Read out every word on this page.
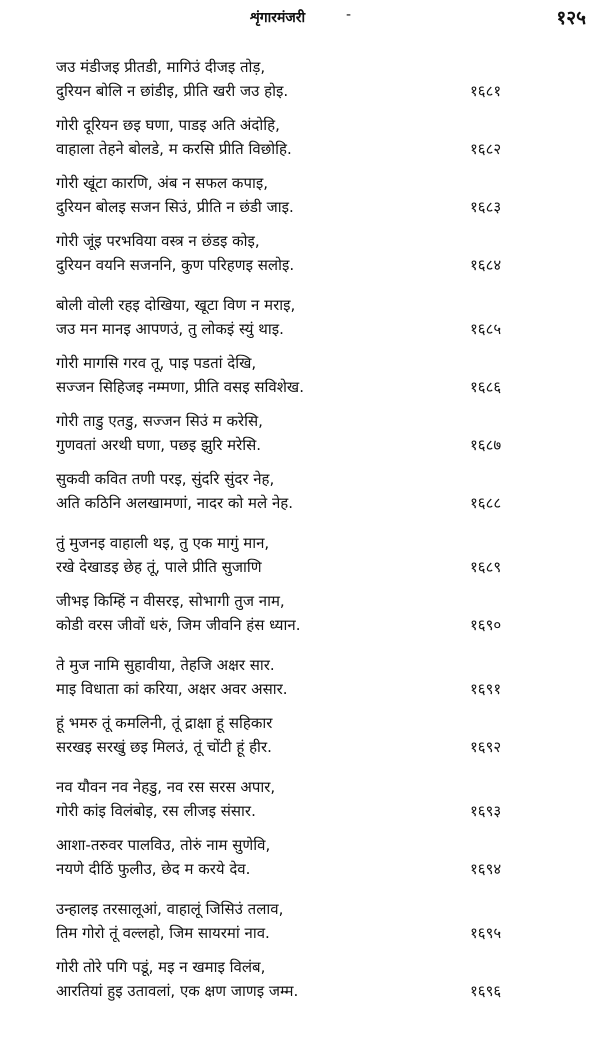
शृंगारमंजरी	-	१२५
जउ मंडीजइ प्रीतडी, मागिउं दीजइ तोड़,
दुरियन बोलि न छांडीइ, प्रीति खरी जउ होइ.	१६८१
गोरी दूरियन छइ घणा, पाडइ अति अंदोहि,
वाहाला तेहने बोलडे, म करसि प्रीति विछोहि.	१६८२
गोरी खूंटा कारणि, अंब न सफल कपाइ,
दुरियन बोलइ सजन सिउं, प्रीति न छंडी जाइ.	१६८३
गोरी जूंइ परभविया वस्त्र न छंडइ कोइ,
दुरियन वयनि सजननि, कुण परिहणइ सलोइ.	१६८४
बोली वोली रहइ दोखिया, खूटा विण न मराइ,
जउ मन मानइ आपणउं, तु लोकइं स्युं थाइ.	१६८५
गोरी मागसि गरव तू, पाइ पडतां देखि,
सज्जन सिहिजइ नम्मणा, प्रीति वसइ सविशेख.	१६८६
गोरी ताडु एतडु, सज्जन सिउं म करेसि,
गुणवतां अरथी घणा, पछइ झुरि मरेसि.	१६८७
सुकवी कवित तणी परइ, सुंदरि सुंदर नेह,
अति कठिनि अलखामणां, नादर को मले नेह.	१६८८
तुं मुजनइ वाहाली थइ, तु एक मागुं मान,
रखे देखाडइ छेह तूं, पाले प्रीति सुजाणि	१६८९
जीभइ किम्हिं न वीसरइ, सोभागी तुज नाम,
कोडी वरस जीवों धरुं, जिम जीवनि हंस ध्यान.	१६९०
ते मुज नामि सुहावीया, तेहजि अक्षर सार.
माइ विधाता कां करिया, अक्षर अवर असार.	१६९१
हूं भमरु तूं कमलिनी, तूं द्राक्षा हूं सहिकार
सरखइ सरखुं छइ मिलउं, तूं चोंटी हूं हीर.	१६९२
नव यौवन नव नेहडु, नव रस सरस अपार,
गोरी कांइ विलंबोइ, रस लीजइ संसार.	१६९३
आशा-तरुवर पालविउ, तोरुं नाम सुणेवि,
नयणे दीठिं फुलीउ, छेद म करये देव.	१६९४
उन्हालइ तरसालूआं, वाहालूं जिसिउं तलाव,
तिम गोरो तूं वल्लहो, जिम सायरमां नाव.	१६९५
गोरी तोरे पगि पडूं, मइ न खमाइ विलंब,
आरतियां हुइ उतावलां, एक क्षण जाणइ जम्म.	१६९६
